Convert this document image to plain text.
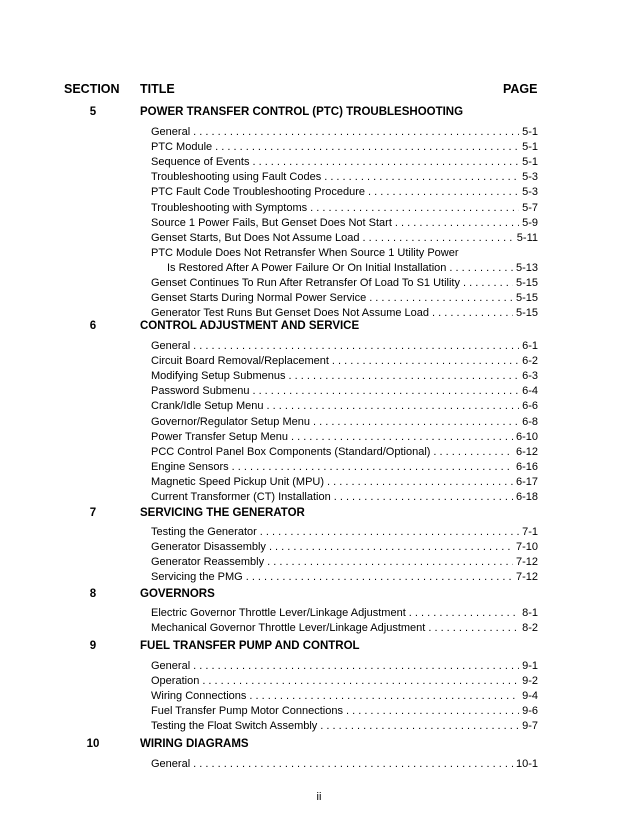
SECTION TITLE	PAGE
5	POWER TRANSFER CONTROL (PTC) TROUBLESHOOTING
General . . .	5-1
PTC Module . . .	5-1
Sequence of Events . . .	5-1
Troubleshooting using Fault Codes . . .	5-3
PTC Fault Code Troubleshooting Procedure . . .	5-3
Troubleshooting with Symptoms . . .	5-7
Source 1 Power Fails, But Genset Does Not Start . . .	5-9
Genset Starts, But Does Not Assume Load . . .	5-11
PTC Module Does Not Retransfer When Source 1 Utility Power
Is Restored After A Power Failure Or On Initial Installation . . .	5-13
Genset Continues To Run After Retransfer Of Load To S1 Utility . . .	5-15
Genset Starts During Normal Power Service . . .	5-15
Generator Test Runs But Genset Does Not Assume Load . . .	5-15
6	CONTROL ADJUSTMENT AND SERVICE
General . . .	6-1
Circuit Board Removal/Replacement . . .	6-2
Modifying Setup Submenus . . .	6-3
Password Submenu . . .	6-4
Crank/Idle Setup Menu . . .	6-6
Governor/Regulator Setup Menu . . .	6-8
Power Transfer Setup Menu . . .	6-10
PCC Control Panel Box Components (Standard/Optional) . . .	6-12
Engine Sensors . . .	6-16
Magnetic Speed Pickup Unit (MPU) . . .	6-17
Current Transformer (CT) Installation . . .	6-18
7	SERVICING THE GENERATOR
Testing the Generator . . .	7-1
Generator Disassembly . . .	7-10
Generator Reassembly . . .	7-12
Servicing the PMG . . .	7-12
8	GOVERNORS
Electric Governor Throttle Lever/Linkage Adjustment . . .	8-1
Mechanical Governor Throttle Lever/Linkage Adjustment . . .	8-2
9	FUEL TRANSFER PUMP AND CONTROL
General . . .	9-1
Operation . . .	9-2
Wiring Connections . . .	9-4
Fuel Transfer Pump Motor Connections . . .	9-6
Testing the Float Switch Assembly . . .	9-7
10	WIRING DIAGRAMS
General . . .	10-1
ii
